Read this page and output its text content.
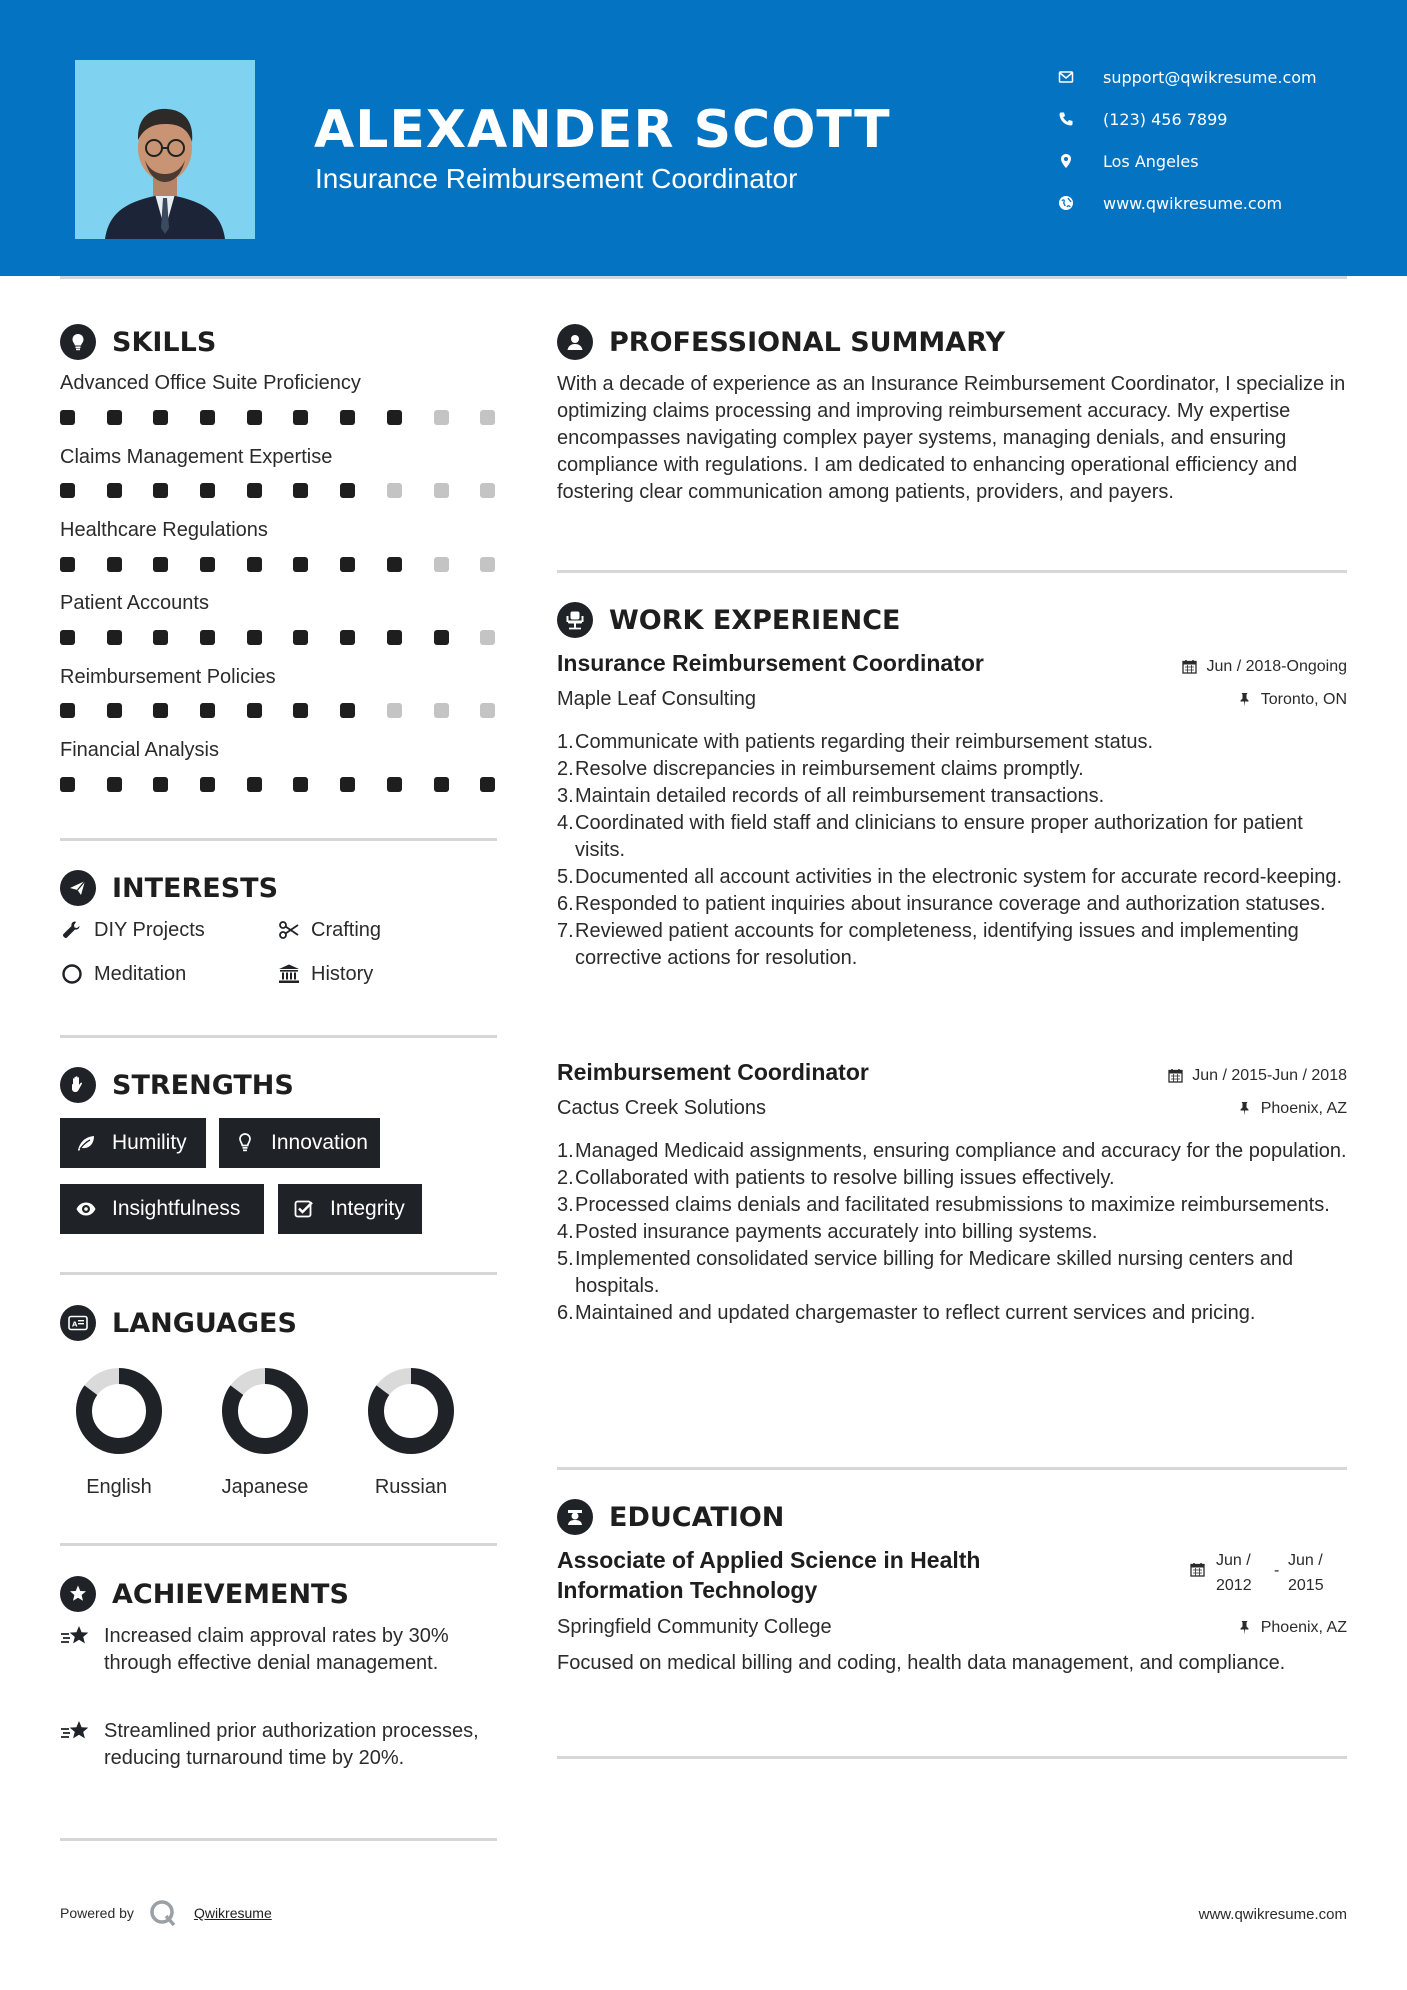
ALEXANDER SCOTT
Insurance Reimbursement Coordinator
support@qwikresume.com
(123) 456 7899
Los Angeles
www.qwikresume.com
SKILLS
Advanced Office Suite Proficiency
Claims Management Expertise
Healthcare Regulations
Patient Accounts
Reimbursement Policies
Financial Analysis
INTERESTS
DIY Projects	Crafting
Meditation	History
STRENGTHS
Humility	Innovation
Insightfulness	Integrity
A LANGUAGES
English	Japanese	Russian
ACHIEVEMENTS
Increased claim approval rates by 30% through effective denial management.
Streamlined prior authorization processes, reducing turnaround time by 20%.
PROFESSIONAL SUMMARY
With a decade of experience as an Insurance Reimbursement Coordinator, I specialize in optimizing claims processing and improving reimbursement accuracy. My expertise encompasses navigating complex payer systems, managing denials, and ensuring compliance with regulations. I am dedicated to enhancing operational efficiency and fostering clear communication among patients, providers, and payers.
WORK EXPERIENCE
Insurance Reimbursement Coordinator	Jun / 2018-Ongoing
Maple Leaf Consulting	Toronto, ON
1. Communicate with patients regarding their reimbursement status.
2. Resolve discrepancies in reimbursement claims promptly.
3. Maintain detailed records of all reimbursement transactions.
4. Coordinated with field staff and clinicians to ensure proper authorization for patient visits.
5. Documented all account activities in the electronic system for accurate record-keeping.
6. Responded to patient inquiries about insurance coverage and authorization statuses.
7. Reviewed patient accounts for completeness, identifying issues and implementing corrective actions for resolution.
Reimbursement Coordinator	Jun / 2015-Jun / 2018
Cactus Creek Solutions	Phoenix, AZ
1. Managed Medicaid assignments, ensuring compliance and accuracy for the population.
2. Collaborated with patients to resolve billing issues effectively.
3. Processed claims denials and facilitated resubmissions to maximize reimbursements.
4. Posted insurance payments accurately into billing systems.
5. Implemented consolidated service billing for Medicare skilled nursing centers and hospitals.
6. Maintained and updated chargemaster to reflect current services and pricing.
EDUCATION
Associate of Applied Science in Health Information Technology
Jun / 2012
-
Jun / 2015
Springfield Community College	Phoenix, AZ
Focused on medical billing and coding, health data management, and compliance.
Powered by	Qwikresume	www.qwikresume.com
